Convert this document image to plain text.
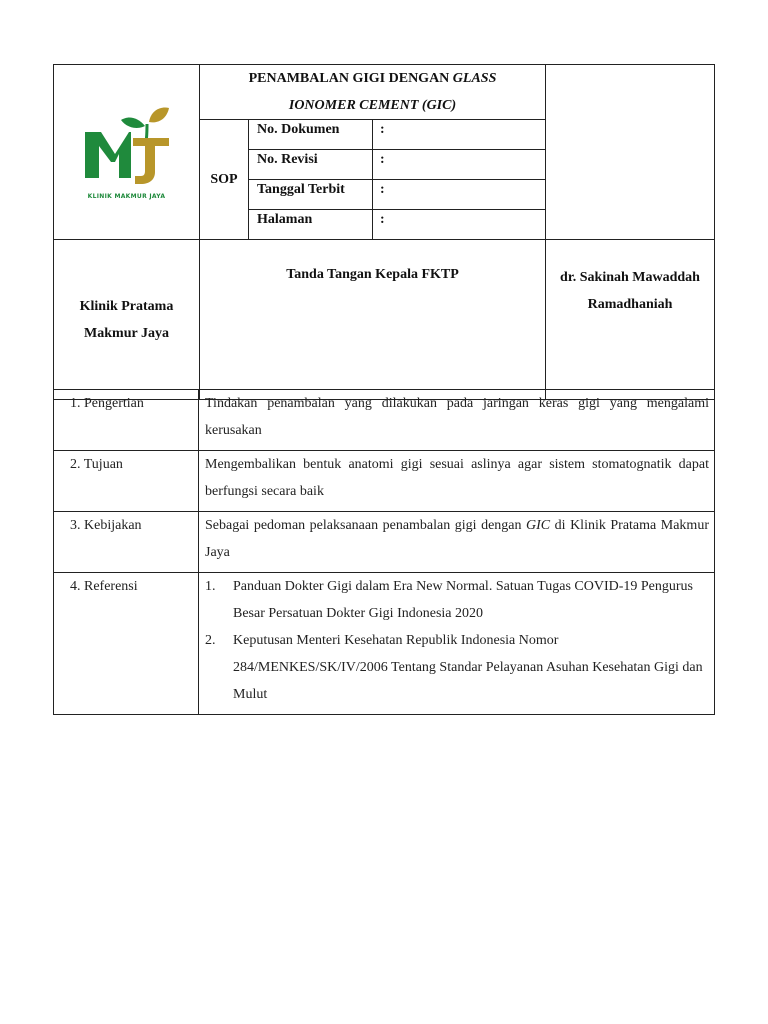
KLINIK MAKMUR JAYA	PENAMBALAN GIGI DENGAN GLASS
IONOMER CEMENT (GIC)			
	SOP	No. Dokumen	:	
		No. Revisi	:	
		Tanggal Terbit	:	
		Halaman	:	
Klinik Pratama
Makmur Jaya	Tanda Tangan Kepala FKTP			dr. Sakinah Mawaddah
Ramadhaniah
1. Pengertian	Tindakan penambalan yang dilakukan pada jaringan keras gigi yang mengalami kerusakan
2. Tujuan	Mengembalikan bentuk anatomi gigi sesuai aslinya agar sistem stomatognatik dapat berfungsi secara baik
3. Kebijakan	Sebagai pedoman pelaksanaan penambalan gigi dengan GIC di Klinik Pratama Makmur Jaya
4. Referensi	1. Panduan Dokter Gigi dalam Era New Normal. Satuan Tugas COVID-19 Pengurus Besar Persatuan Dokter Gigi Indonesia 2020
2. Keputusan Menteri Kesehatan Republik Indonesia Nomor 284/MENKES/SK/IV/2006 Tentang Standar Pelayanan Asuhan Kesehatan Gigi dan Mulut
